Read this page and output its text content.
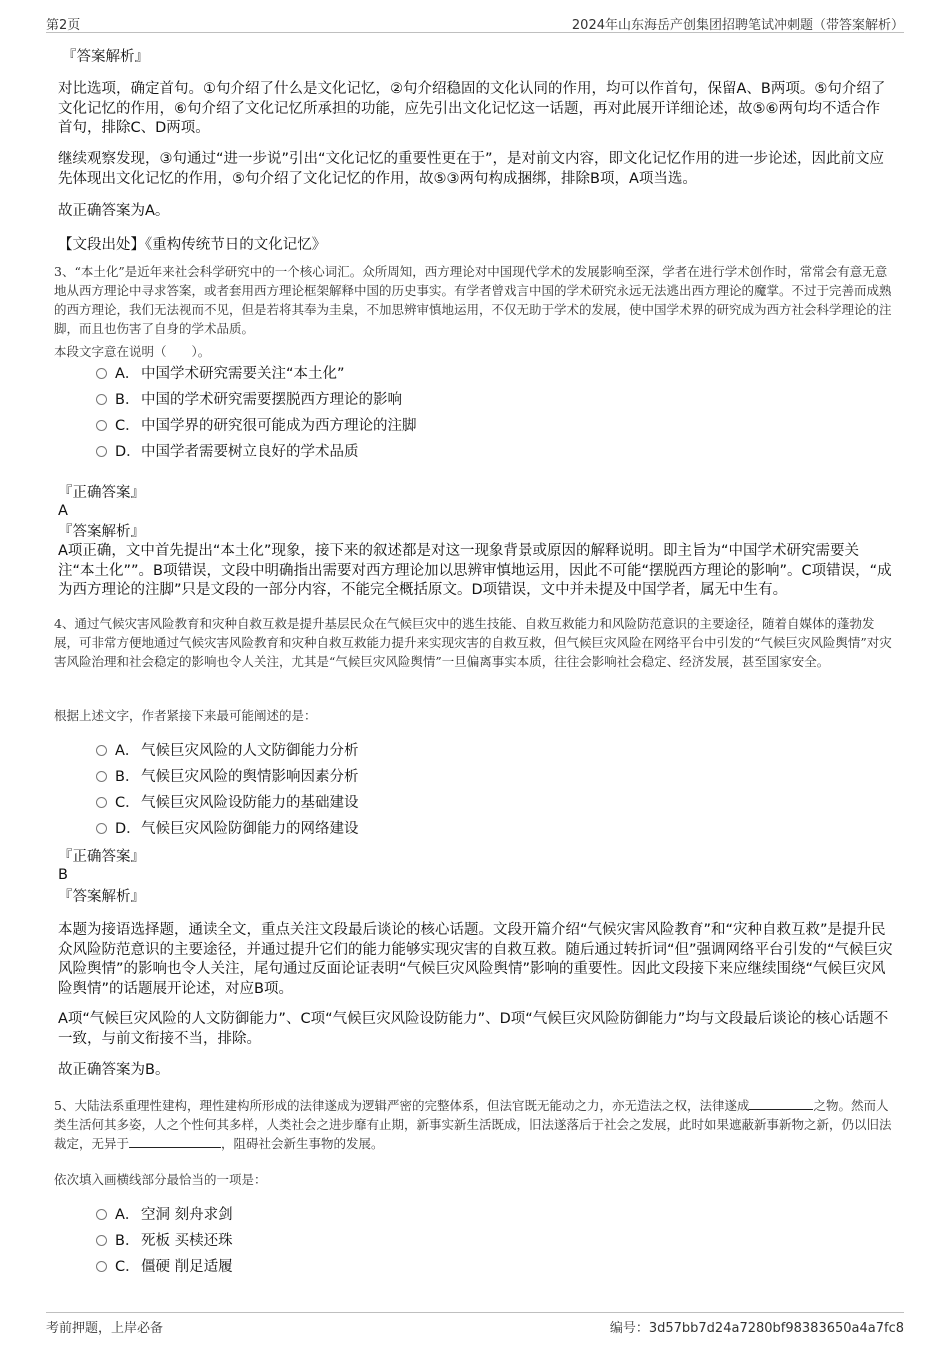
第2页	2024年山东海岳产创集团招聘笔试冲刺题（带答案解析）
『答案解析』
对比选项，确定首句。①句介绍了什么是文化记忆，②句介绍稳固的文化认同的作用，均可以作首句，保留A、B两项。⑤句介绍了文化记忆的作用，⑥句介绍了文化记忆所承担的功能，应先引出文化记忆这一话题，再对此展开详细论述，故⑤⑥两句均不适合作首句，排除C、D两项。
继续观察发现，③句通过“进一步说”引出“文化记忆的重要性更在于”，是对前文内容，即文化记忆作用的进一步论述，因此前文应先体现出文化记忆的作用，⑤句介绍了文化记忆的作用，故⑤③两句构成捆绑，排除B项，A项当选。
故正确答案为A。
【文段出处】《重构传统节日的文化记忆》
3、“本土化”是近年来社会科学研究中的一个核心词汇。众所周知，西方理论对中国现代学术的发展影响至深，学者在进行学术创作时，常常会有意无意地从西方理论中寻求答案，或者套用西方理论框架解释中国的历史事实。有学者曾戏言中国的学术研究永远无法逃出西方理论的魔掌。不过于完善而成熟的西方理论，我们无法视而不见，但是若将其奉为圭臬，不加思辨审慎地运用，不仅无助于学术的发展，使中国学术界的研究成为西方社会科学理论的注脚，而且也伤害了自身的学术品质。
本段文字意在说明（　　）。
A． 中国学术研究需要关注“本土化”
B． 中国的学术研究需要摆脱西方理论的影响
C．中国学界的研究很可能成为西方理论的注脚
D．中国学者需要树立良好的学术品质
『正确答案』
A
『答案解析』
A项正确，文中首先提出“本土化”现象，接下来的叙述都是对这一现象背景或原因的解释说明。即主旨为“中国学术研究需要关注“本土化””。B项错误，文段中明确指出需要对西方理论加以思辨审慎地运用，因此不可能“摆脱西方理论的影响”。C项错误，“成为西方理论的注脚”只是文段的一部分内容，不能完全概括原文。D项错误，文中并未提及中国学者，属无中生有。
4、通过气候灾害风险教育和灾种自救互救是提升基层民众在气候巨灾中的逃生技能、自救互救能力和风险防范意识的主要途径，随着自媒体的蓬勃发展，可非常方便地通过气候灾害风险教育和灾种自救互救能力提升来实现灾害的自救互救，但气候巨灾风险在网络平台中引发的“气候巨灾风险舆情”对灾害风险治理和社会稳定的影响也令人关注，尤其是“气候巨灾风险舆情”一旦偏离事实本质，往往会影响社会稳定、经济发展，甚至国家安全。
根据上述文字，作者紧接下来最可能阐述的是：
A． 气候巨灾风险的人文防御能力分析
B． 气候巨灾风险的舆情影响因素分析
C．气候巨灾风险设防能力的基础建设
D．气候巨灾风险防御能力的网络建设
『正确答案』
B
『答案解析』
本题为接语选择题，通读全文，重点关注文段最后谈论的核心话题。文段开篇介绍“气候灾害风险教育”和“灾种自救互救”是提升民众风险防范意识的主要途径，并通过提升它们的能力能够实现灾害的自救互救。随后通过转折词“但”强调网络平台引发的“气候巨灾风险舆情”的影响也令人关注，尾句通过反面论证表明“气候巨灾风险舆情”影响的重要性。因此文段接下来应继续围绕“气候巨灾风险舆情”的话题展开论述，对应B项。
A项“气候巨灾风险的人文防御能力”、C项“气候巨灾风险设防能力”、D项“气候巨灾风险防御能力”均与文段最后谈论的核心话题不一致，与前文衔接不当，排除。
故正确答案为B。
5、大陆法系重理性建构，理性建构所形成的法律遂成为逻辑严密的完整体系，但法官既无能动之力，亦无造法之权，法律遂成	之物。然而人类生活何其多姿，人之个性何其多样，人类社会之进步靡有止期，新事实新生活既成，旧法遂落后于社会之发展，此时如果遮蔽新事新物之新，仍以旧法裁定，无异于	，阻碍社会新生事物的发展。
依次填入画横线部分最恰当的一项是：
A． 空洞 刻舟求剑
B． 死板 买椟还珠
C．僵硬 削足适履
考前押题，上岸必备	编号：3d57bb7d24a7280bf98383650a4a7fc8
